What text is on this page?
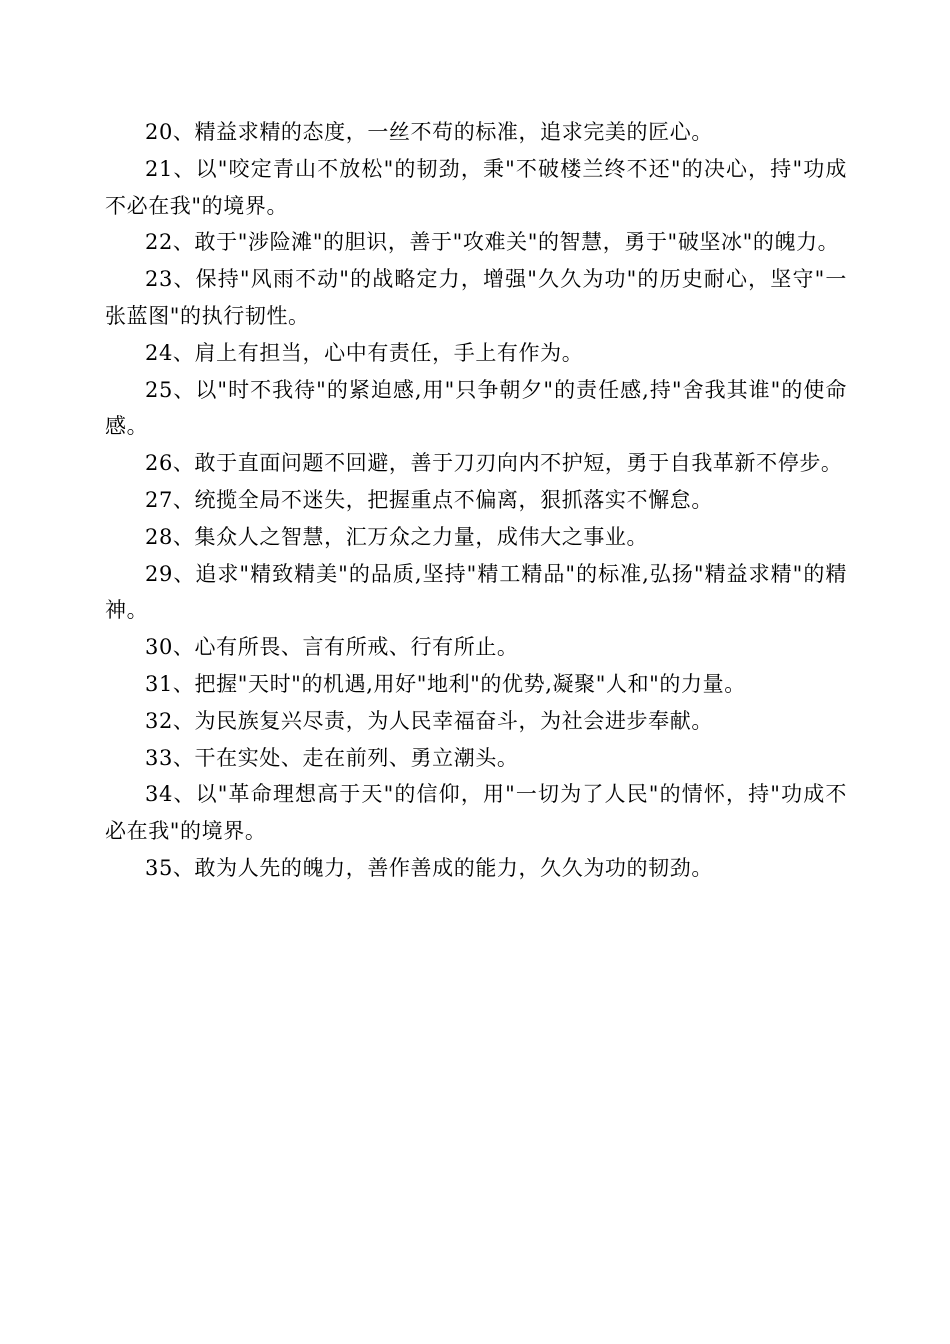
20、精益求精的态度，一丝不苟的标准，追求完美的匠心。

21、以"咬定青山不放松"的韧劲，秉"不破楼兰终不还"的决心，持"功成不必在我"的境界。

22、敢于"涉险滩"的胆识，善于"攻难关"的智慧，勇于"破坚冰"的魄力。

23、保持"风雨不动"的战略定力，增强"久久为功"的历史耐心，坚守"一张蓝图"的执行韧性。

24、肩上有担当，心中有责任，手上有作为。

25、以"时不我待"的紧迫感,用"只争朝夕"的责任感,持"舍我其谁"的使命感。

26、敢于直面问题不回避，善于刀刃向内不护短，勇于自我革新不停步。

27、统揽全局不迷失，把握重点不偏离，狠抓落实不懈怠。

28、集众人之智慧，汇万众之力量，成伟大之事业。

29、追求"精致精美"的品质,坚持"精工精品"的标准,弘扬"精益求精"的精神。

30、心有所畏、言有所戒、行有所止。

31、把握"天时"的机遇,用好"地利"的优势,凝聚"人和"的力量。

32、为民族复兴尽责，为人民幸福奋斗，为社会进步奉献。

33、干在实处、走在前列、勇立潮头。

34、以"革命理想高于天"的信仰，用"一切为了人民"的情怀，持"功成不必在我"的境界。

35、敢为人先的魄力，善作善成的能力，久久为功的韧劲。
